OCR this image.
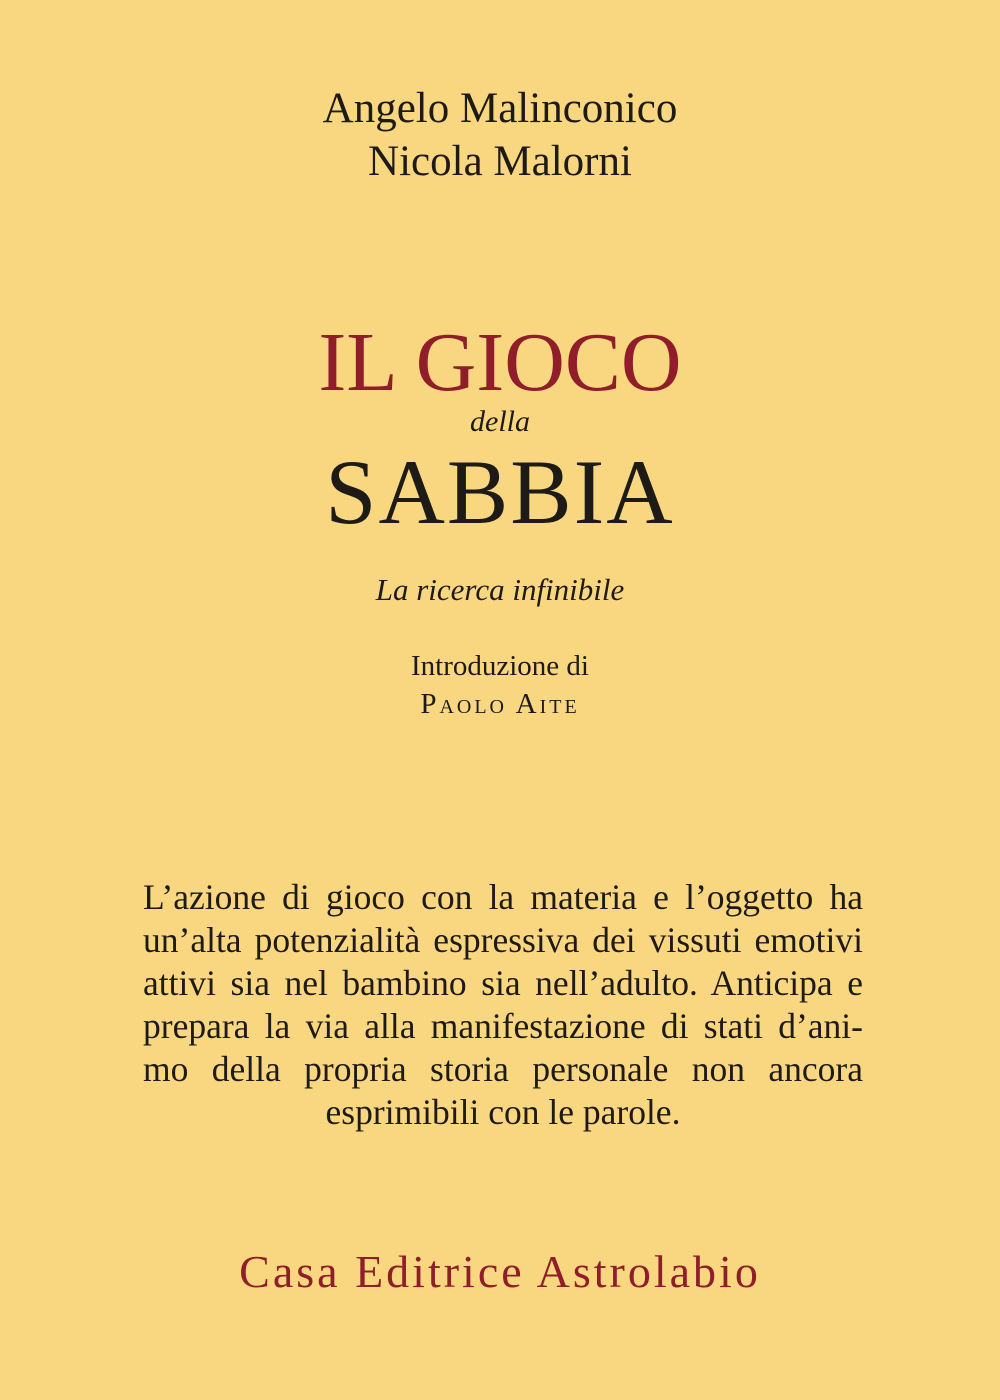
Angelo Malinconico
Nicola Malorni
IL GIOCO
della
SABBIA
La ricerca infinibile
Introduzione di
Paolo Aite
L’azione di gioco con la materia e l’oggetto ha
un’alta potenzialità espressiva dei vissuti emotivi
attivi sia nel bambino sia nell’adulto. Anticipa e
prepara la via alla manifestazione di stati d’ani-
mo della propria storia personale non ancora
esprimibili con le parole.
Casa Editrice Astrolabio
